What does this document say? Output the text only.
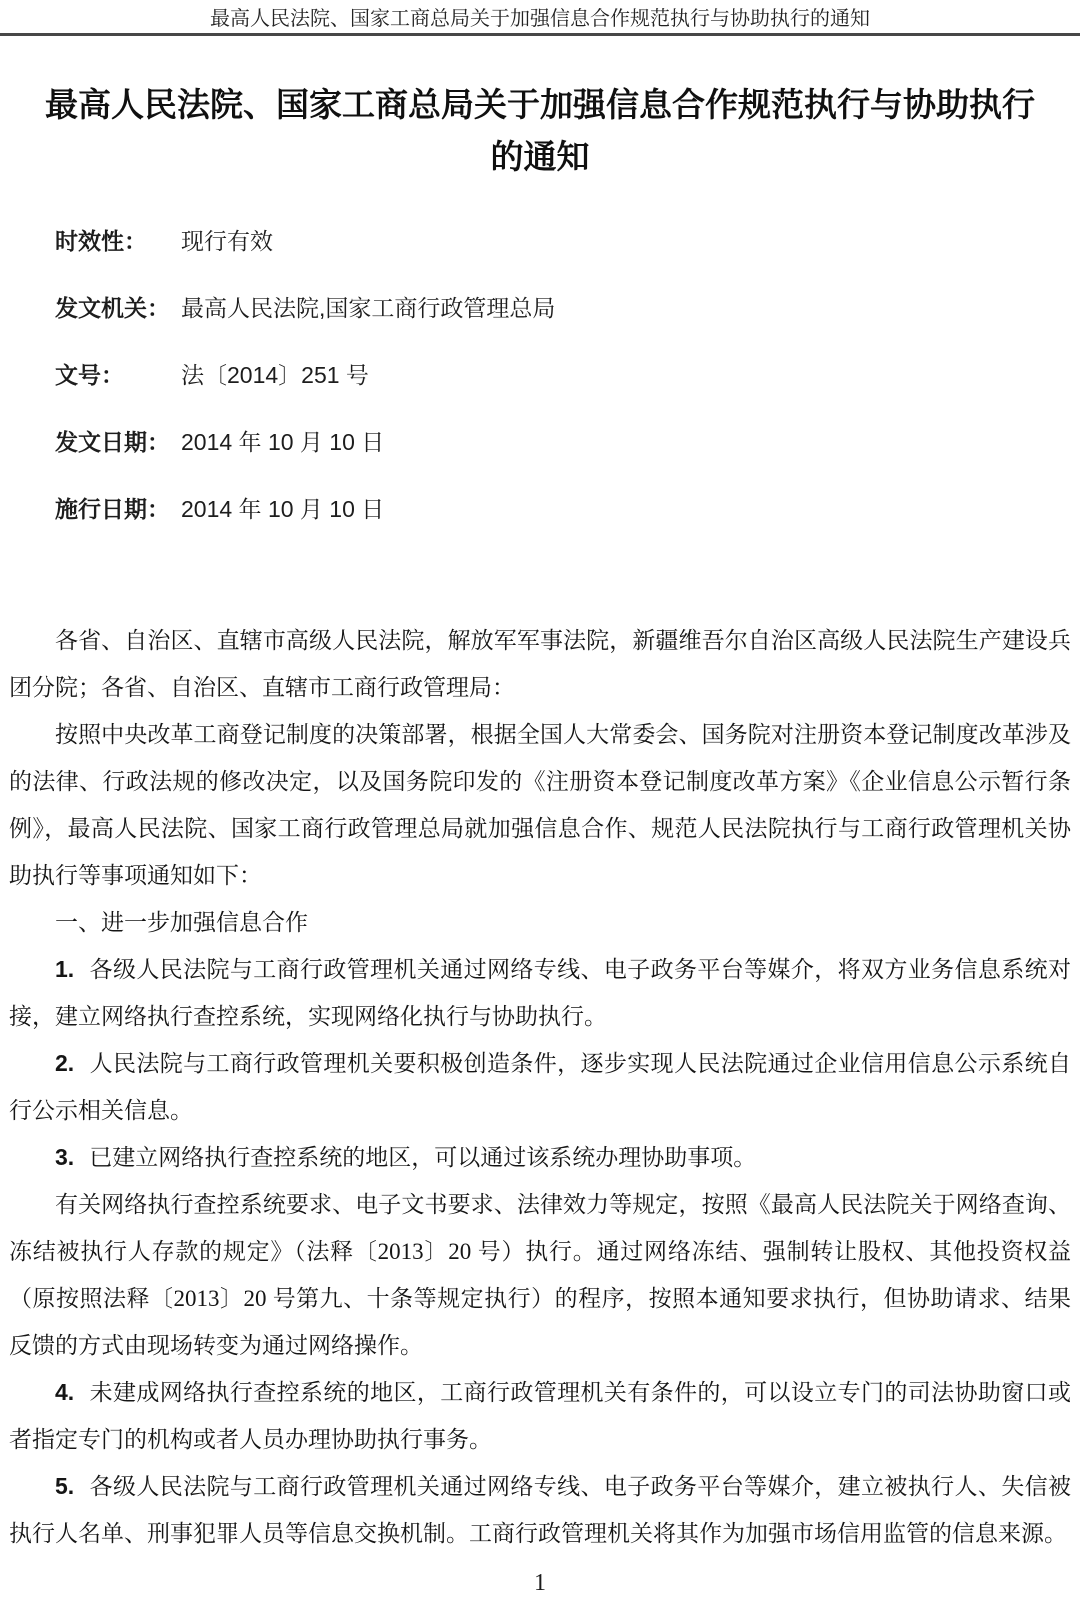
最高人民法院、国家工商总局关于加强信息合作规范执行与协助执行的通知
最高人民法院、国家工商总局关于加强信息合作规范执行与协助执行
的通知
时效性：	现行有效
发文机关： 最高人民法院,国家工商行政管理总局
文号：	法〔2014〕251 号
发文日期： 2014 年 10 月 10 日
施行日期： 2014 年 10 月 10 日

各省、自治区、直辖市高级人民法院，解放军军事法院，新疆维吾尔自治区高级人民法院生产建设兵团分院；各省、自治区、直辖市工商行政管理局：

按照中央改革工商登记制度的决策部署，根据全国人大常委会、国务院对注册资本登记制度改革涉及的法律、行政法规的修改决定，以及国务院印发的《注册资本登记制度改革方案》《企业信息公示暂行条例》，最高人民法院、国家工商行政管理总局就加强信息合作、规范人民法院执行与工商行政管理机关协助执行等事项通知如下：

一、进一步加强信息合作

1. 各级人民法院与工商行政管理机关通过网络专线、电子政务平台等媒介，将双方业务信息系统对接，建立网络执行查控系统，实现网络化执行与协助执行。

2. 人民法院与工商行政管理机关要积极创造条件，逐步实现人民法院通过企业信用信息公示系统自行公示相关信息。

3. 已建立网络执行查控系统的地区，可以通过该系统办理协助事项。

有关网络执行查控系统要求、电子文书要求、法律效力等规定，按照《最高人民法院关于网络查询、冻结被执行人存款的规定》（法释〔2013〕20 号）执行。通过网络冻结、强制转让股权、其他投资权益（原按照法释〔2013〕20 号第九、十条等规定执行）的程序，按照本通知要求执行，但协助请求、结果反馈的方式由现场转变为通过网络操作。

4. 未建成网络执行查控系统的地区，工商行政管理机关有条件的，可以设立专门的司法协助窗口或者指定专门的机构或者人员办理协助执行事务。

5. 各级人民法院与工商行政管理机关通过网络专线、电子政务平台等媒介，建立被执行人、失信被执行人名单、刑事犯罪人员等信息交换机制。工商行政管理机关将其作为加强市场信用监管的信息来源。

1
